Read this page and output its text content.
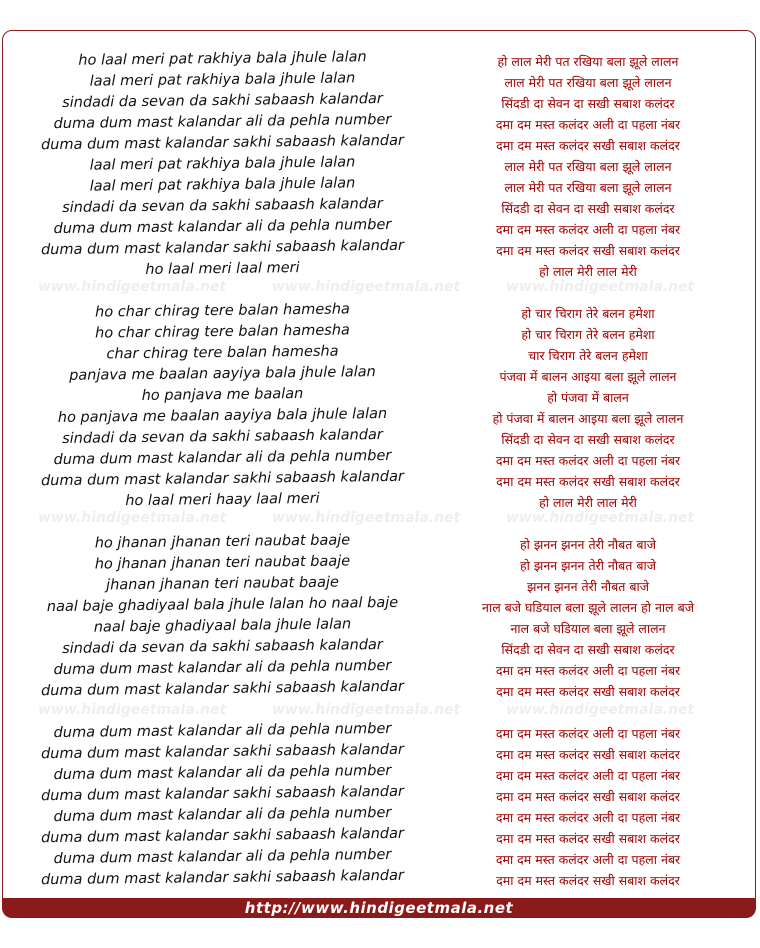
ho laal meri pat rakhiya bala jhule lalan	हो लाल मेरी पत रखिया बला झूले लालन
laal meri pat rakhiya bala jhule lalan	लाल मेरी पत रखिया बला झूले लालन
sindadi da sevan da sakhi sabaash kalandar	सिंदडी दा सेवन दा सखी सबाश कलंदर
duma dum mast kalandar ali da pehla number	दमा दम मस्त कलंदर अली दा पहला नंबर
duma dum mast kalandar sakhi sabaash kalandar	दमा दम मस्त कलंदर सखी सबाश कलंदर
laal meri pat rakhiya bala jhule lalan	लाल मेरी पत रखिया बला झूले लालन
laal meri pat rakhiya bala jhule lalan	लाल मेरी पत रखिया बला झूले लालन
sindadi da sevan da sakhi sabaash kalandar	सिंदडी दा सेवन दा सखी सबाश कलंदर
duma dum mast kalandar ali da pehla number	दमा दम मस्त कलंदर अली दा पहला नंबर
duma dum mast kalandar sakhi sabaash kalandar	दमा दम मस्त कलंदर सखी सबाश कलंदर
ho laal meri laal meri	हो लाल मेरी लाल मेरी
ho char chirag tere balan hamesha	हो चार चिराग तेरे बलन हमेशा
ho char chirag tere balan hamesha	हो चार चिराग तेरे बलन हमेशा
char chirag tere balan hamesha	चार चिराग तेरे बलन हमेशा
panjava me baalan aayiya bala jhule lalan	पंजवा में बालन आइया बला झूले लालन
ho panjava me baalan	हो पंजवा में बालन
ho panjava me baalan aayiya bala jhule lalan	हो पंजवा में बालन आइया बला झूले लालन
sindadi da sevan da sakhi sabaash kalandar	सिंदडी दा सेवन दा सखी सबाश कलंदर
duma dum mast kalandar ali da pehla number	दमा दम मस्त कलंदर अली दा पहला नंबर
duma dum mast kalandar sakhi sabaash kalandar	दमा दम मस्त कलंदर सखी सबाश कलंदर
ho laal meri haay laal meri	हो लाल मेरी लाल मेरी
ho jhanan jhanan teri naubat baaje	हो झनन झनन तेरी नौबत बाजे
ho jhanan jhanan teri naubat baaje	हो झनन झनन तेरी नौबत बाजे
jhanan jhanan teri naubat baaje	झनन झनन तेरी नौबत बाजे
naal baje ghadiyaal bala jhule lalan ho naal baje	नाल बजे घडियाल बला झूले लालन हो नाल बजे
naal baje ghadiyaal bala jhule lalan	नाल बजे घडियाल बला झूले लालन
sindadi da sevan da sakhi sabaash kalandar	सिंदडी दा सेवन दा सखी सबाश कलंदर
duma dum mast kalandar ali da pehla number	दमा दम मस्त कलंदर अली दा पहला नंबर
duma dum mast kalandar sakhi sabaash kalandar	दमा दम मस्त कलंदर सखी सबाश कलंदर
duma dum mast kalandar ali da pehla number	दमा दम मस्त कलंदर अली दा पहला नंबर
duma dum mast kalandar sakhi sabaash kalandar	दमा दम मस्त कलंदर सखी सबाश कलंदर
duma dum mast kalandar ali da pehla number	दमा दम मस्त कलंदर अली दा पहला नंबर
duma dum mast kalandar sakhi sabaash kalandar	दमा दम मस्त कलंदर सखी सबाश कलंदर
duma dum mast kalandar ali da pehla number	दमा दम मस्त कलंदर अली दा पहला नंबर
duma dum mast kalandar sakhi sabaash kalandar	दमा दम मस्त कलंदर सखी सबाश कलंदर
duma dum mast kalandar ali da pehla number	दमा दम मस्त कलंदर अली दा पहला नंबर
duma dum mast kalandar sakhi sabaash kalandar	दमा दम मस्त कलंदर सखी सबाश कलंदर
www.hindigeetmala.net	www.hindigeetmala.net	www.hindigeetmala.net
www.hindigeetmala.net	www.hindigeetmala.net	www.hindigeetmala.net
www.hindigeetmala.net	www.hindigeetmala.net	www.hindigeetmala.net
http://www.hindigeetmala.net
